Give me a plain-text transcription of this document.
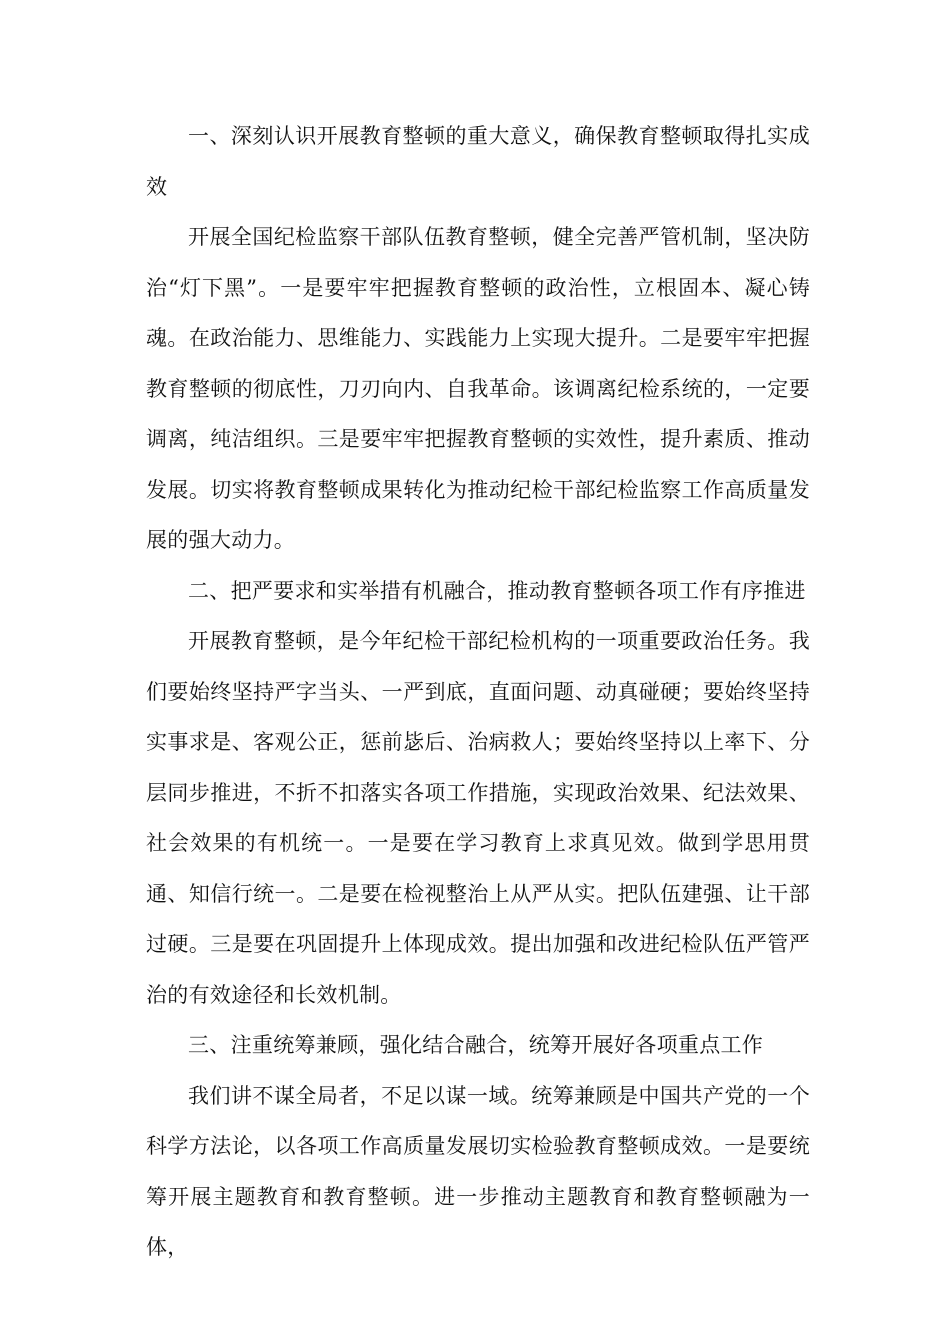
一、深刻认识开展教育整顿的重大意义，确保教育整顿取得扎实成效

开展全国纪检监察干部队伍教育整顿，健全完善严管机制，坚决防治“灯下黑”。一是要牢牢把握教育整顿的政治性，立根固本、凝心铸魂。在政治能力、思维能力、实践能力上实现大提升。二是要牢牢把握教育整顿的彻底性，刀刃向内、自我革命。该调离纪检系统的，一定要调离，纯洁组织。三是要牢牢把握教育整顿的实效性，提升素质、推动发展。切实将教育整顿成果转化为推动纪检干部纪检监察工作高质量发展的强大动力。

二、把严要求和实举措有机融合，推动教育整顿各项工作有序推进

开展教育整顿，是今年纪检干部纪检机构的一项重要政治任务。我们要始终坚持严字当头、一严到底，直面问题、动真碰硬；要始终坚持实事求是、客观公正，惩前毖后、治病救人；要始终坚持以上率下、分层同步推进，不折不扣落实各项工作措施，实现政治效果、纪法效果、社会效果的有机统一。一是要在学习教育上求真见效。做到学思用贯通、知信行统一。二是要在检视整治上从严从实。把队伍建强、让干部过硬。三是要在巩固提升上体现成效。提出加强和改进纪检队伍严管严治的有效途径和长效机制。

三、注重统筹兼顾，强化结合融合，统筹开展好各项重点工作

我们讲不谋全局者，不足以谋一域。统筹兼顾是中国共产党的一个科学方法论，以各项工作高质量发展切实检验教育整顿成效。一是要统筹开展主题教育和教育整顿。进一步推动主题教育和教育整顿融为一体，
